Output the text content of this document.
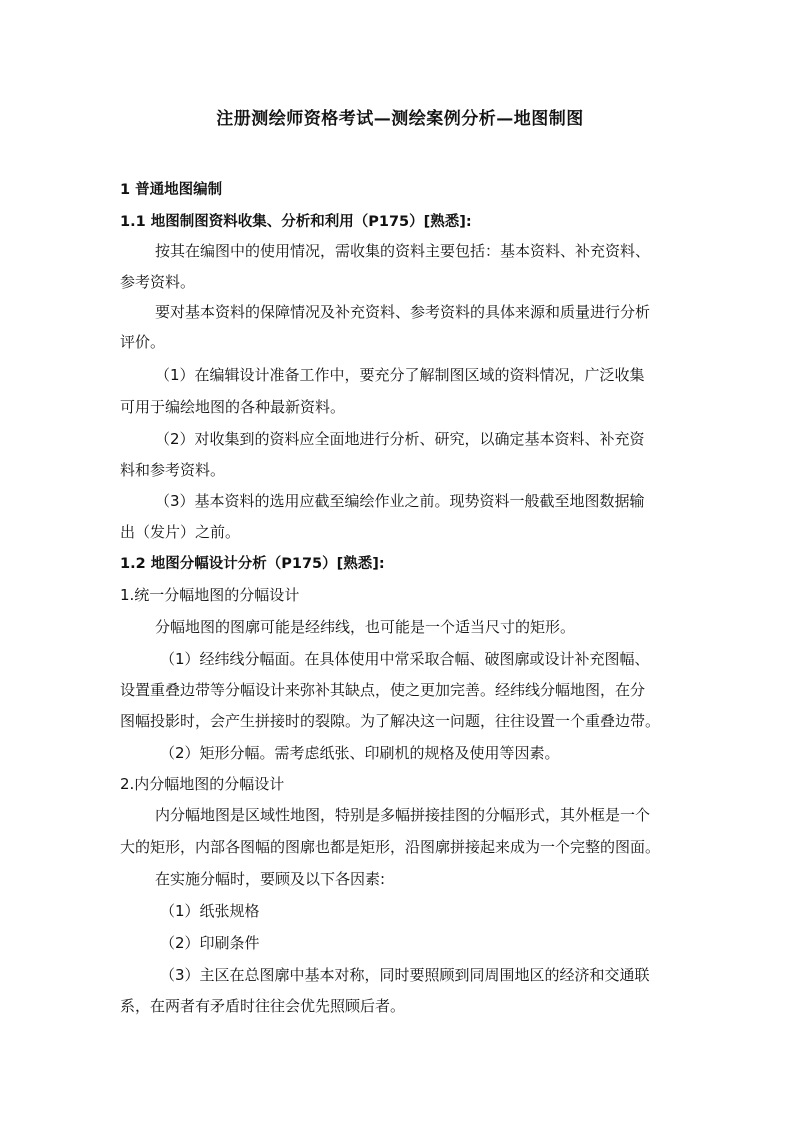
注册测绘师资格考试—测绘案例分析—地图制图
1 普通地图编制
1.1 地图制图资料收集、分析和利用（P175）[熟悉]:
按其在编图中的使用情况，需收集的资料主要包括：基本资料、补充资料、
参考资料。
要对基本资料的保障情况及补充资料、参考资料的具体来源和质量进行分析
评价。
（1）在编辑设计准备工作中，要充分了解制图区域的资料情况，广泛收集
可用于编绘地图的各种最新资料。
（2）对收集到的资料应全面地进行分析、研究，以确定基本资料、补充资
料和参考资料。
（3）基本资料的选用应截至编绘作业之前。现势资料一般截至地图数据输
出（发片）之前。
1.2 地图分幅设计分析（P175）[熟悉]:
1.统一分幅地图的分幅设计
分幅地图的图廓可能是经纬线，也可能是一个适当尺寸的矩形。
（1）经纬线分幅面。在具体使用中常采取合幅、破图廓或设计补充图幅、
设置重叠边带等分幅设计来弥补其缺点，使之更加完善。经纬线分幅地图，在分
图幅投影时，会产生拼接时的裂隙。为了解决这一问题，往往设置一个重叠边带。
（2）矩形分幅。需考虑纸张、印刷机的规格及使用等因素。
2.内分幅地图的分幅设计
内分幅地图是区域性地图，特别是多幅拼接挂图的分幅形式，其外框是一个
大的矩形，内部各图幅的图廓也都是矩形，沿图廓拼接起来成为一个完整的图面。
在实施分幅时，要顾及以下各因素:
（1）纸张规格
（2）印刷条件
（3）主区在总图廓中基本对称，同时要照顾到同周围地区的经济和交通联
系，在两者有矛盾时往往会优先照顾后者。
